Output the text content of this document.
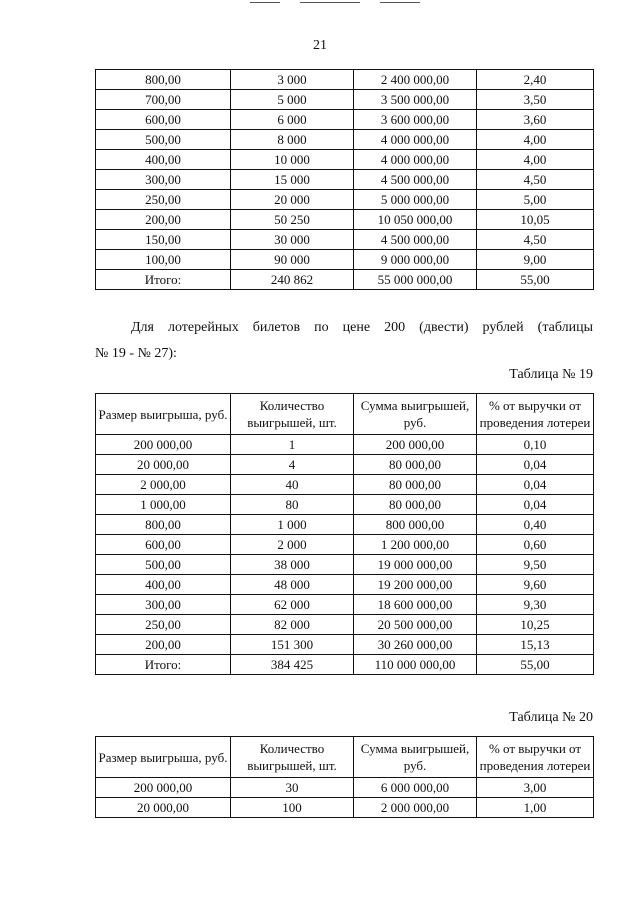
21
800,00	3 000	2 400 000,00	2,40
700,00	5 000	3 500 000,00	3,50
600,00	6 000	3 600 000,00	3,60
500,00	8 000	4 000 000,00	4,00
400,00	10 000	4 000 000,00	4,00
300,00	15 000	4 500 000,00	4,50
250,00	20 000	5 000 000,00	5,00
200,00	50 250	10 050 000,00	10,05
150,00	30 000	4 500 000,00	4,50
100,00	90 000	9 000 000,00	9,00
Итого:	240 862	55 000 000,00	55,00
Для лотерейных билетов по цене 200 (двести) рублей (таблицы
№ 19 - № 27):
Таблица № 19
Размер выигрыша, руб.	Количество выигрышей, шт.	Сумма выигрышей, руб.	% от выручки от проведения лотереи
200 000,00	1	200 000,00	0,10
20 000,00	4	80 000,00	0,04
2 000,00	40	80 000,00	0,04
1 000,00	80	80 000,00	0,04
800,00	1 000	800 000,00	0,40
600,00	2 000	1 200 000,00	0,60
500,00	38 000	19 000 000,00	9,50
400,00	48 000	19 200 000,00	9,60
300,00	62 000	18 600 000,00	9,30
250,00	82 000	20 500 000,00	10,25
200,00	151 300	30 260 000,00	15,13
Итого:	384 425	110 000 000,00	55,00
Таблица № 20
Размер выигрыша, руб.	Количество выигрышей, шт.	Сумма выигрышей, руб.	% от выручки от проведения лотереи
200 000,00	30	6 000 000,00	3,00
20 000,00	100	2 000 000,00	1,00
